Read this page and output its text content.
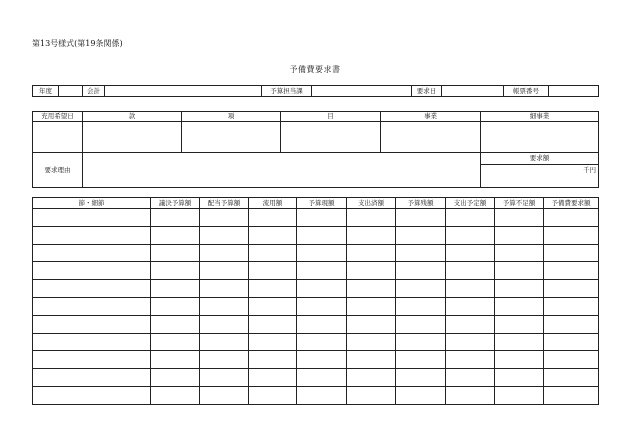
第13号様式(第19条関係)
予備費要求書
年度		会計		予算担当課		要求日		帳票番号	
充用希望日	款	項	目	事業	細事業

要求理由					要求額
					千円
節・細節	議決予算額	配当予算額	流用額	予算現額	支出済額	予算残額	支出予定額	予算不足額	予備費要求額
